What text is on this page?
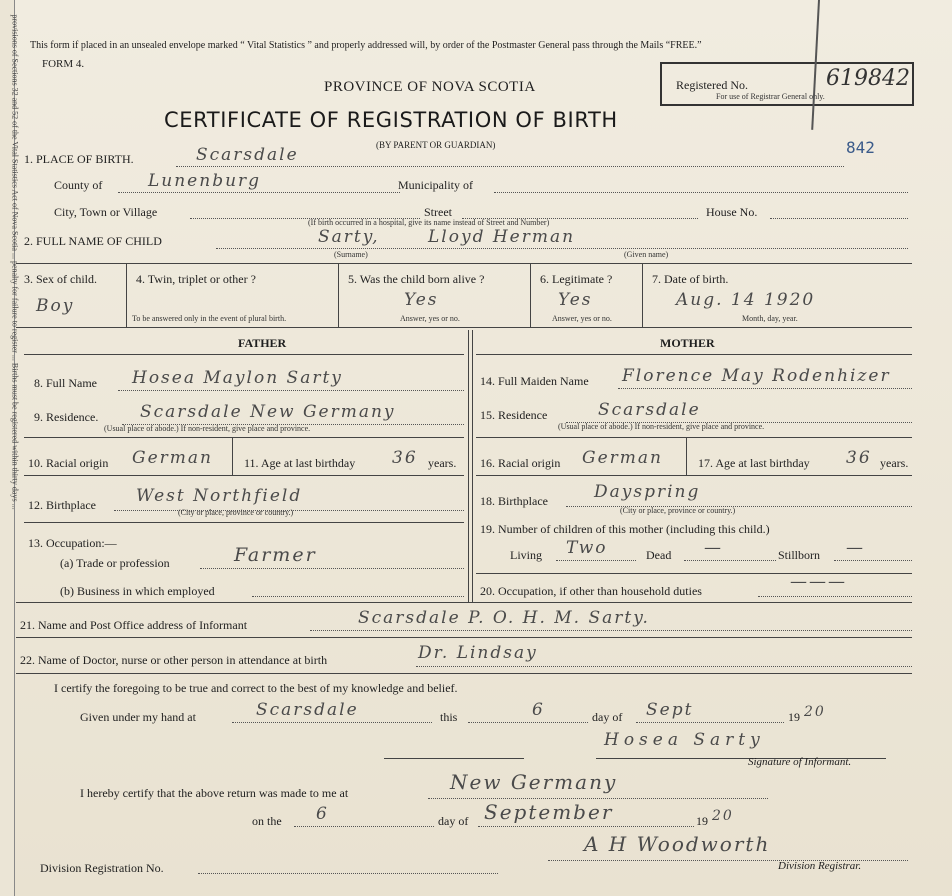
provisions of Sections 32 and 52 of the Vital Statistics Act of Nova Scotia ... penalty for failure to register ... Births must be registered within thirty days ... This form if placed in an unsealed envelope marked “ Vital Statistics ” and properly addressed will, by order of the Postmaster General pass through the Mails “FREE.”
FORM 4.
PROVINCE OF NOVA SCOTIA
CERTIFICATE OF REGISTRATION OF BIRTH
(BY PARENT OR GUARDIAN)
Registered No.	619842
For use of Registrar General only.
842
1. PLACE OF BIRTH.	Scarsdale
County of	Lunenburg	Municipality of
City, Town or Village	Street	House No.
(If birth occurred in a hospital, give its name instead of Street and Number)
2. FULL NAME OF CHILD	Sarty,	Lloyd Herman
(Surname)	(Given name)
3. Sex of child.
Boy
4. Twin, triplet or other ?
To be answered only in the event of plural birth.
5. Was the child born alive ?
Yes
Answer, yes or no.
6. Legitimate ?
Yes
Answer, yes or no.
7. Date of birth.
Aug. 14 1920
Month, day, year.
FATHER	MOTHER
8. Full Name Hosea Maylon Sarty
9. Residence. Scarsdale New Germany
(Usual place of abode.) If non-resident, give place and province.
10. Racial origin German	11. Age at last birthday 36 years.
12. Birthplace West Northfield
(City or place, province or country.)
13. Occupation:—
(a) Trade or profession	Farmer
(b) Business in which employed
14. Full Maiden Name Florence May Rodenhizer
15. Residence	Scarsdale
(Usual place of abode.) If non-resident, give place and province.
16. Racial origin German	17. Age at last birthday 36 years.
18. Birthplace	Dayspring
(City or place, province or country.)
19. Number of children of this mother (including this child.)
Living Two	Dead —	Stillborn —
20. Occupation, if other than household duties	———
21. Name and Post Office address of Informant	Scarsdale P. O. H. M. Sarty.
22. Name of Doctor, nurse or other person in attendance at birth	Dr. Lindsay
I certify the foregoing to be true and correct to the best of my knowledge and belief.
Given under my hand at	Scarsdale	this	6	day of Sept	19 20
Hosea Sarty
Signature of Informant.
I hereby certify that the above return was made to me at	New Germany
on the 6	day of September	19 20
A H Woodworth
Division Registration No.	Division Registrar.
